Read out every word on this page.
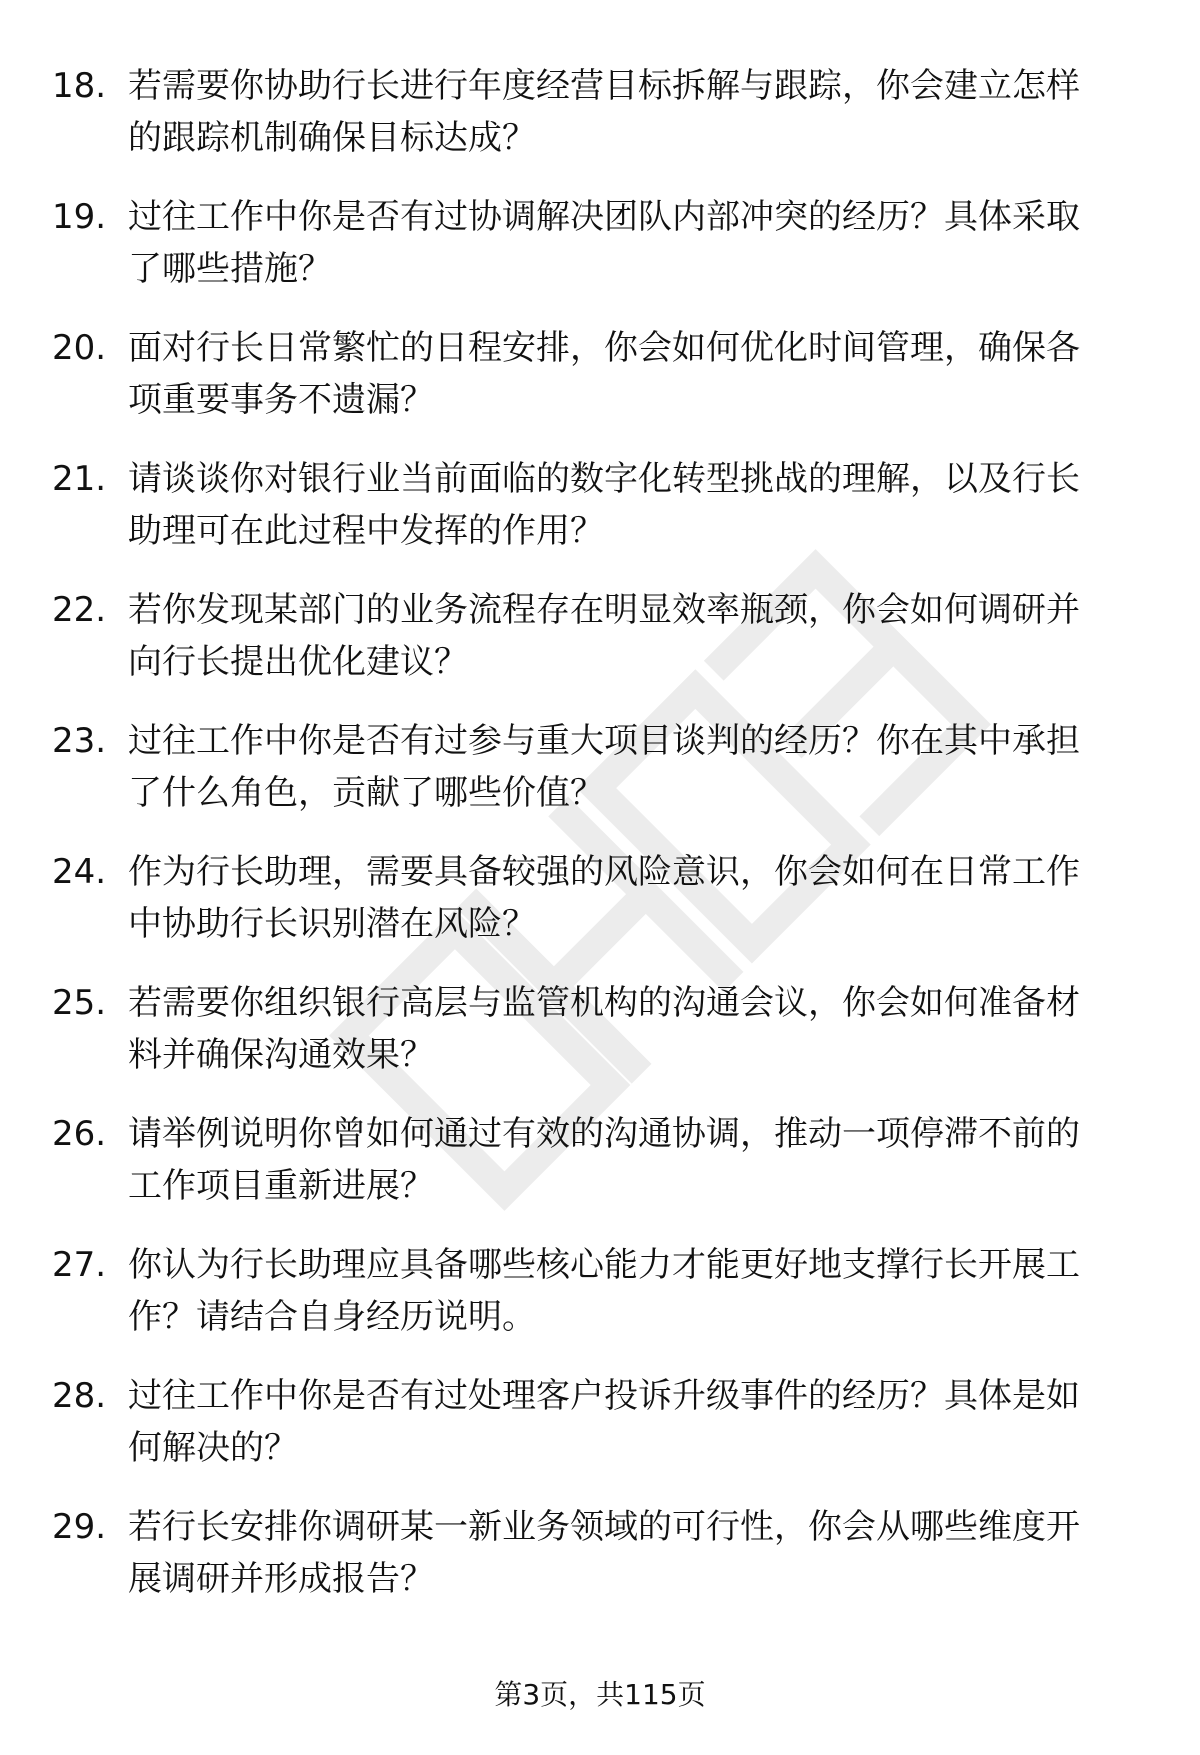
18. 若需要你协助行长进行年度经营目标拆解与跟踪，你会建立怎样
的跟踪机制确保目标达成？
19. 过往工作中你是否有过协调解决团队内部冲突的经历？具体采取
了哪些措施？
20. 面对行长日常繁忙的日程安排，你会如何优化时间管理，确保各
项重要事务不遗漏？
21. 请谈谈你对银行业当前面临的数字化转型挑战的理解，以及行长
助理可在此过程中发挥的作用？
22. 若你发现某部门的业务流程存在明显效率瓶颈，你会如何调研并
向行长提出优化建议？
23. 过往工作中你是否有过参与重大项目谈判的经历？你在其中承担
了什么角色，贡献了哪些价值？
24. 作为行长助理，需要具备较强的风险意识，你会如何在日常工作
中协助行长识别潜在风险？
25. 若需要你组织银行高层与监管机构的沟通会议，你会如何准备材
料并确保沟通效果？
26. 请举例说明你曾如何通过有效的沟通协调，推动一项停滞不前的
工作项目重新进展？
27. 你认为行长助理应具备哪些核心能力才能更好地支撑行长开展工
作？请结合自身经历说明。
28. 过往工作中你是否有过处理客户投诉升级事件的经历？具体是如
何解决的？
29. 若行长安排你调研某一新业务领域的可行性，你会从哪些维度开
展调研并形成报告？
第3页，共115页
